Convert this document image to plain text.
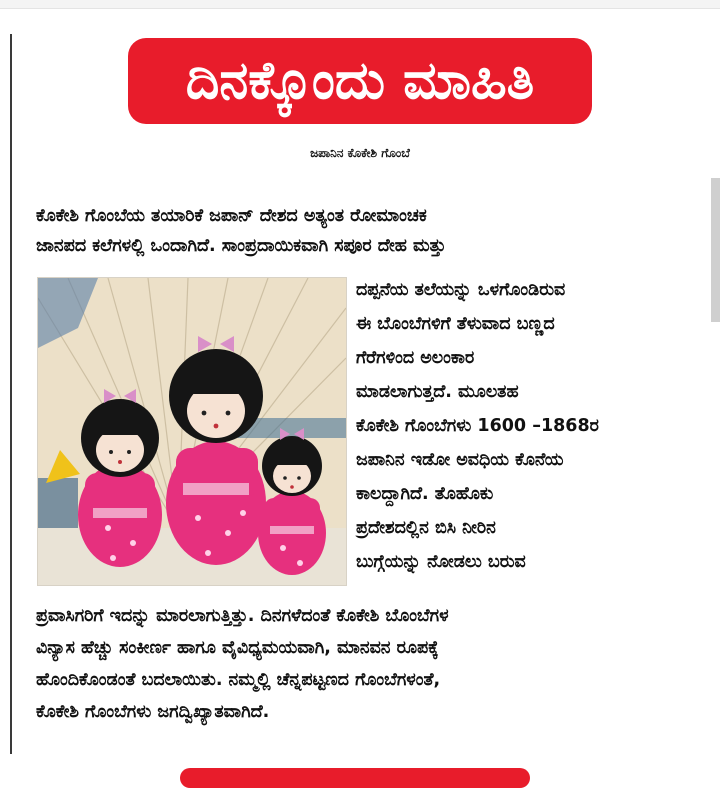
ದಿನಕ್ಕೊಂದು ಮಾಹಿತಿ
ಜಪಾನಿನ ಕೊಕೇಶಿ ಗೊಂಬೆ
ಕೊಕೇಶಿ ಗೊಂಬೆಯ ತಯಾರಿಕೆ ಜಪಾನ್ ದೇಶದ ಅತ್ಯಂತ ರೋಮಾಂಚಕ
ಜಾನಪದ ಕಲೆಗಳಲ್ಲಿ ಒಂದಾಗಿದೆ. ಸಾಂಪ್ರದಾಯಿಕವಾಗಿ ಸಪೂರ ದೇಹ ಮತ್ತು
ದಪ್ಪನೆಯ ತಲೆಯನ್ನು ಒಳಗೊಂಡಿರುವ
ಈ ಬೊಂಬೆಗಳಿಗೆ ತೆಳುವಾದ ಬಣ್ಣದ
ಗೆರೆಗಳಿಂದ ಅಲಂಕಾರ
ಮಾಡಲಾಗುತ್ತದೆ. ಮೂಲತಹ
ಕೊಕೇಶಿ ಗೊಂಬೆಗಳು 1600 –1868ರ
ಜಪಾನಿನ ಇಡೋ ಅವಧಿಯ ಕೊನೆಯ
ಕಾಲದ್ದಾಗಿದೆ. ತೊಹೊಕು
ಪ್ರದೇಶದಲ್ಲಿನ ಬಿಸಿ ನೀರಿನ
ಬುಗ್ಗೆಯನ್ನು ನೋಡಲು ಬರುವ
ಪ್ರವಾಸಿಗರಿಗೆ ಇದನ್ನು ಮಾರಲಾಗುತ್ತಿತ್ತು. ದಿನಗಳೆದಂತೆ ಕೊಕೇಶಿ ಬೊಂಬೆಗಳ
ವಿನ್ಯಾಸ ಹೆಚ್ಚು ಸಂಕೀರ್ಣ ಹಾಗೂ ವೈವಿಧ್ಯಮಯವಾಗಿ, ಮಾನವನ ರೂಪಕ್ಕೆ
ಹೊಂದಿಕೊಂಡಂತೆ ಬದಲಾಯಿತು. ನಮ್ಮಲ್ಲಿ ಚೆನ್ನಪಟ್ಟಣದ ಗೊಂಬೆಗಳಂತೆ,
ಕೊಕೇಶಿ ಗೊಂಬೆಗಳು ಜಗದ್ವಿಖ್ಯಾತವಾಗಿದೆ.
